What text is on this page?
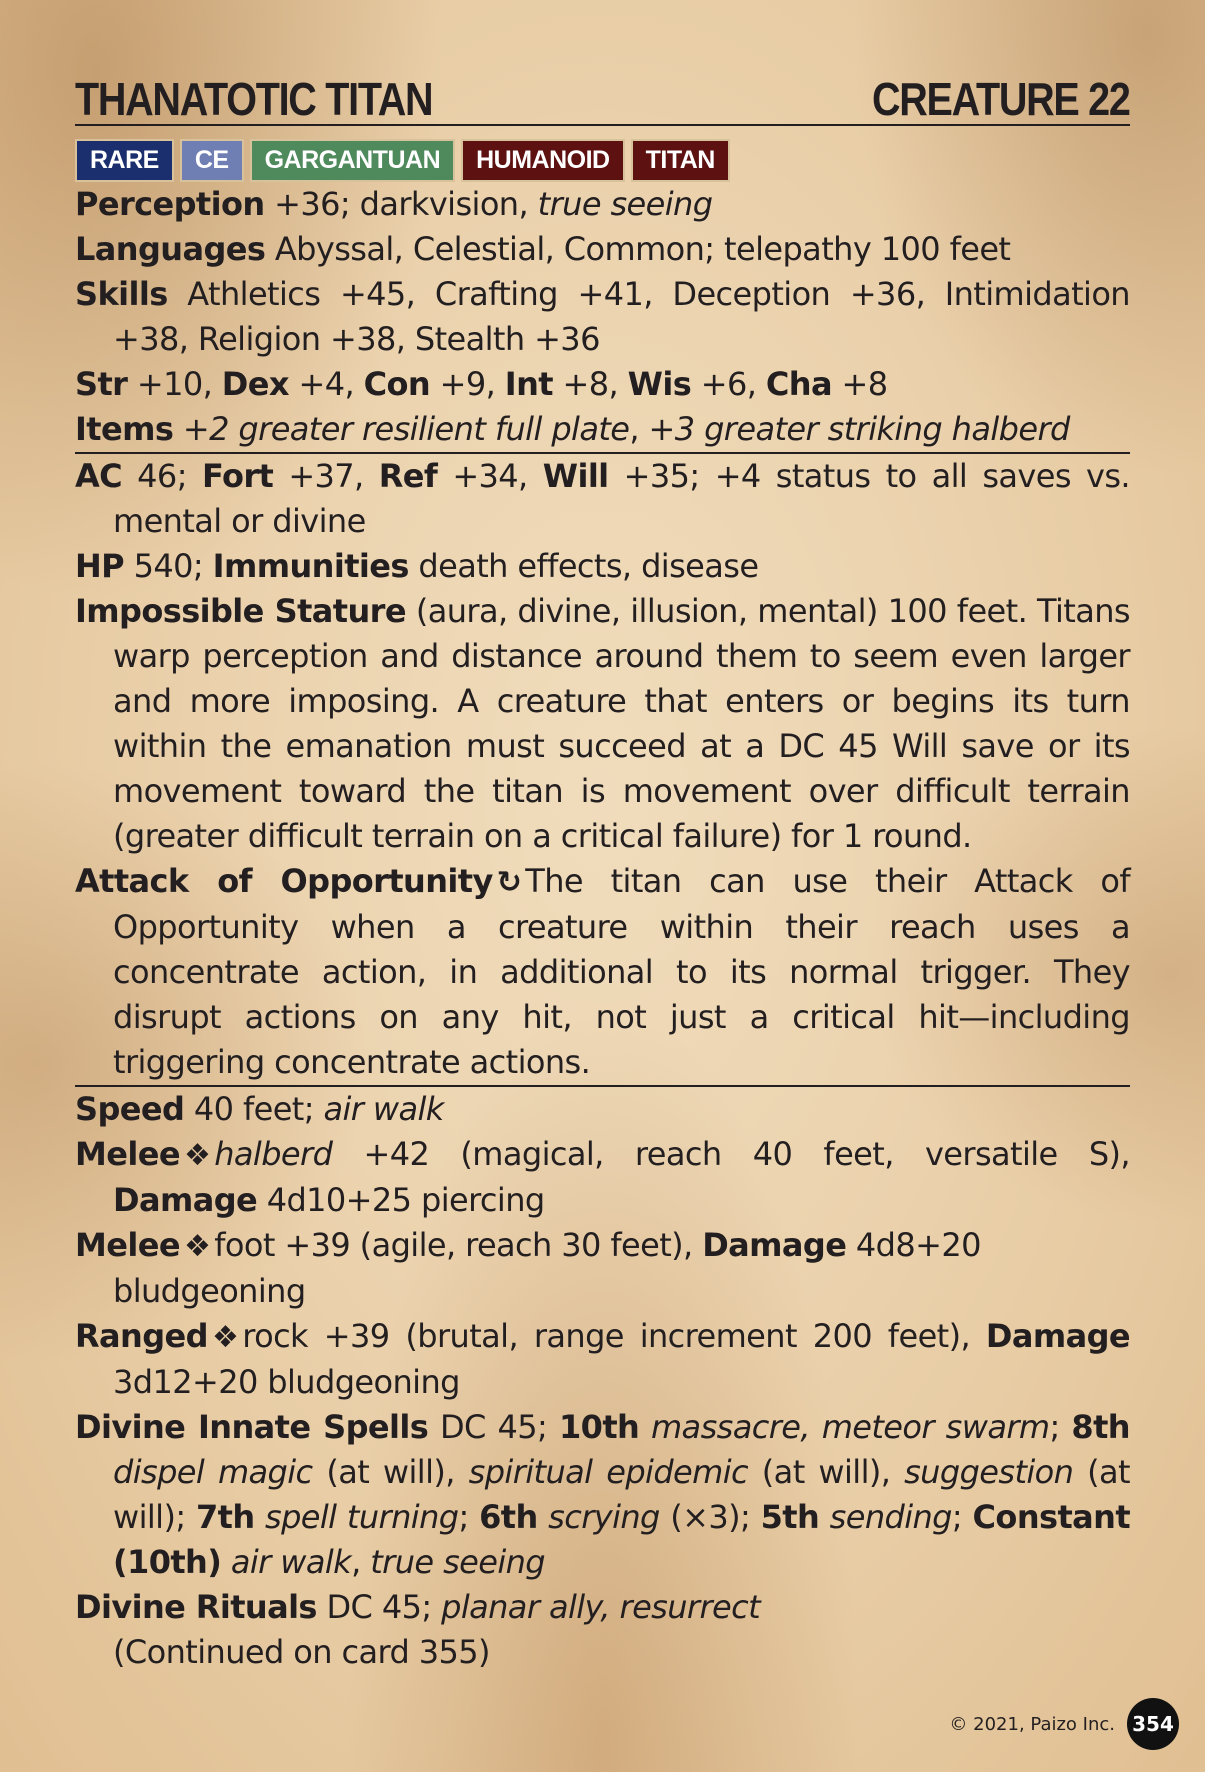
THANATOTIC TITAN	CREATURE 22
RARE	CE	GARGANTUAN	HUMANOID	TITAN
Perception +36; darkvision, true seeing
Languages Abyssal, Celestial, Common; telepathy 100 feet
Skills Athletics +45, Crafting +41, Deception +36, Intimidation +38, Religion +38, Stealth +36
Str +10, Dex +4, Con +9, Int +8, Wis +6, Cha +8
Items +2 greater resilient full plate, +3 greater striking halberd
AC 46; Fort +37, Ref +34, Will +35; +4 status to all saves vs. mental or divine
HP 540; Immunities death effects, disease
Impossible Stature (aura, divine, illusion, mental) 100 feet. Titans warp perception and distance around them to seem even larger and more imposing. A creature that enters or begins its turn within the emanation must succeed at a DC 45 Will save or its movement toward the titan is movement over difficult terrain (greater difficult terrain on a critical failure) for 1 round.
Attack of Opportunity ↻ The titan can use their Attack of Opportunity when a creature within their reach uses a concentrate action, in additional to its normal trigger. They disrupt actions on any hit, not just a critical hit—including triggering concentrate actions.
Speed 40 feet; air walk
Melee ❖ halberd +42 (magical, reach 40 feet, versatile S), Damage 4d10+25 piercing
Melee ❖ foot +39 (agile, reach 30 feet), Damage 4d8+20 bludgeoning
Ranged ❖ rock +39 (brutal, range increment 200 feet), Damage 3d12+20 bludgeoning
Divine Innate Spells DC 45; 10th massacre, meteor swarm; 8th dispel magic (at will), spiritual epidemic (at will), suggestion (at will); 7th spell turning; 6th scrying (×3); 5th sending; Constant (10th) air walk, true seeing
Divine Rituals DC 45; planar ally, resurrect
(Continued on card 355)
© 2021, Paizo Inc. 354
